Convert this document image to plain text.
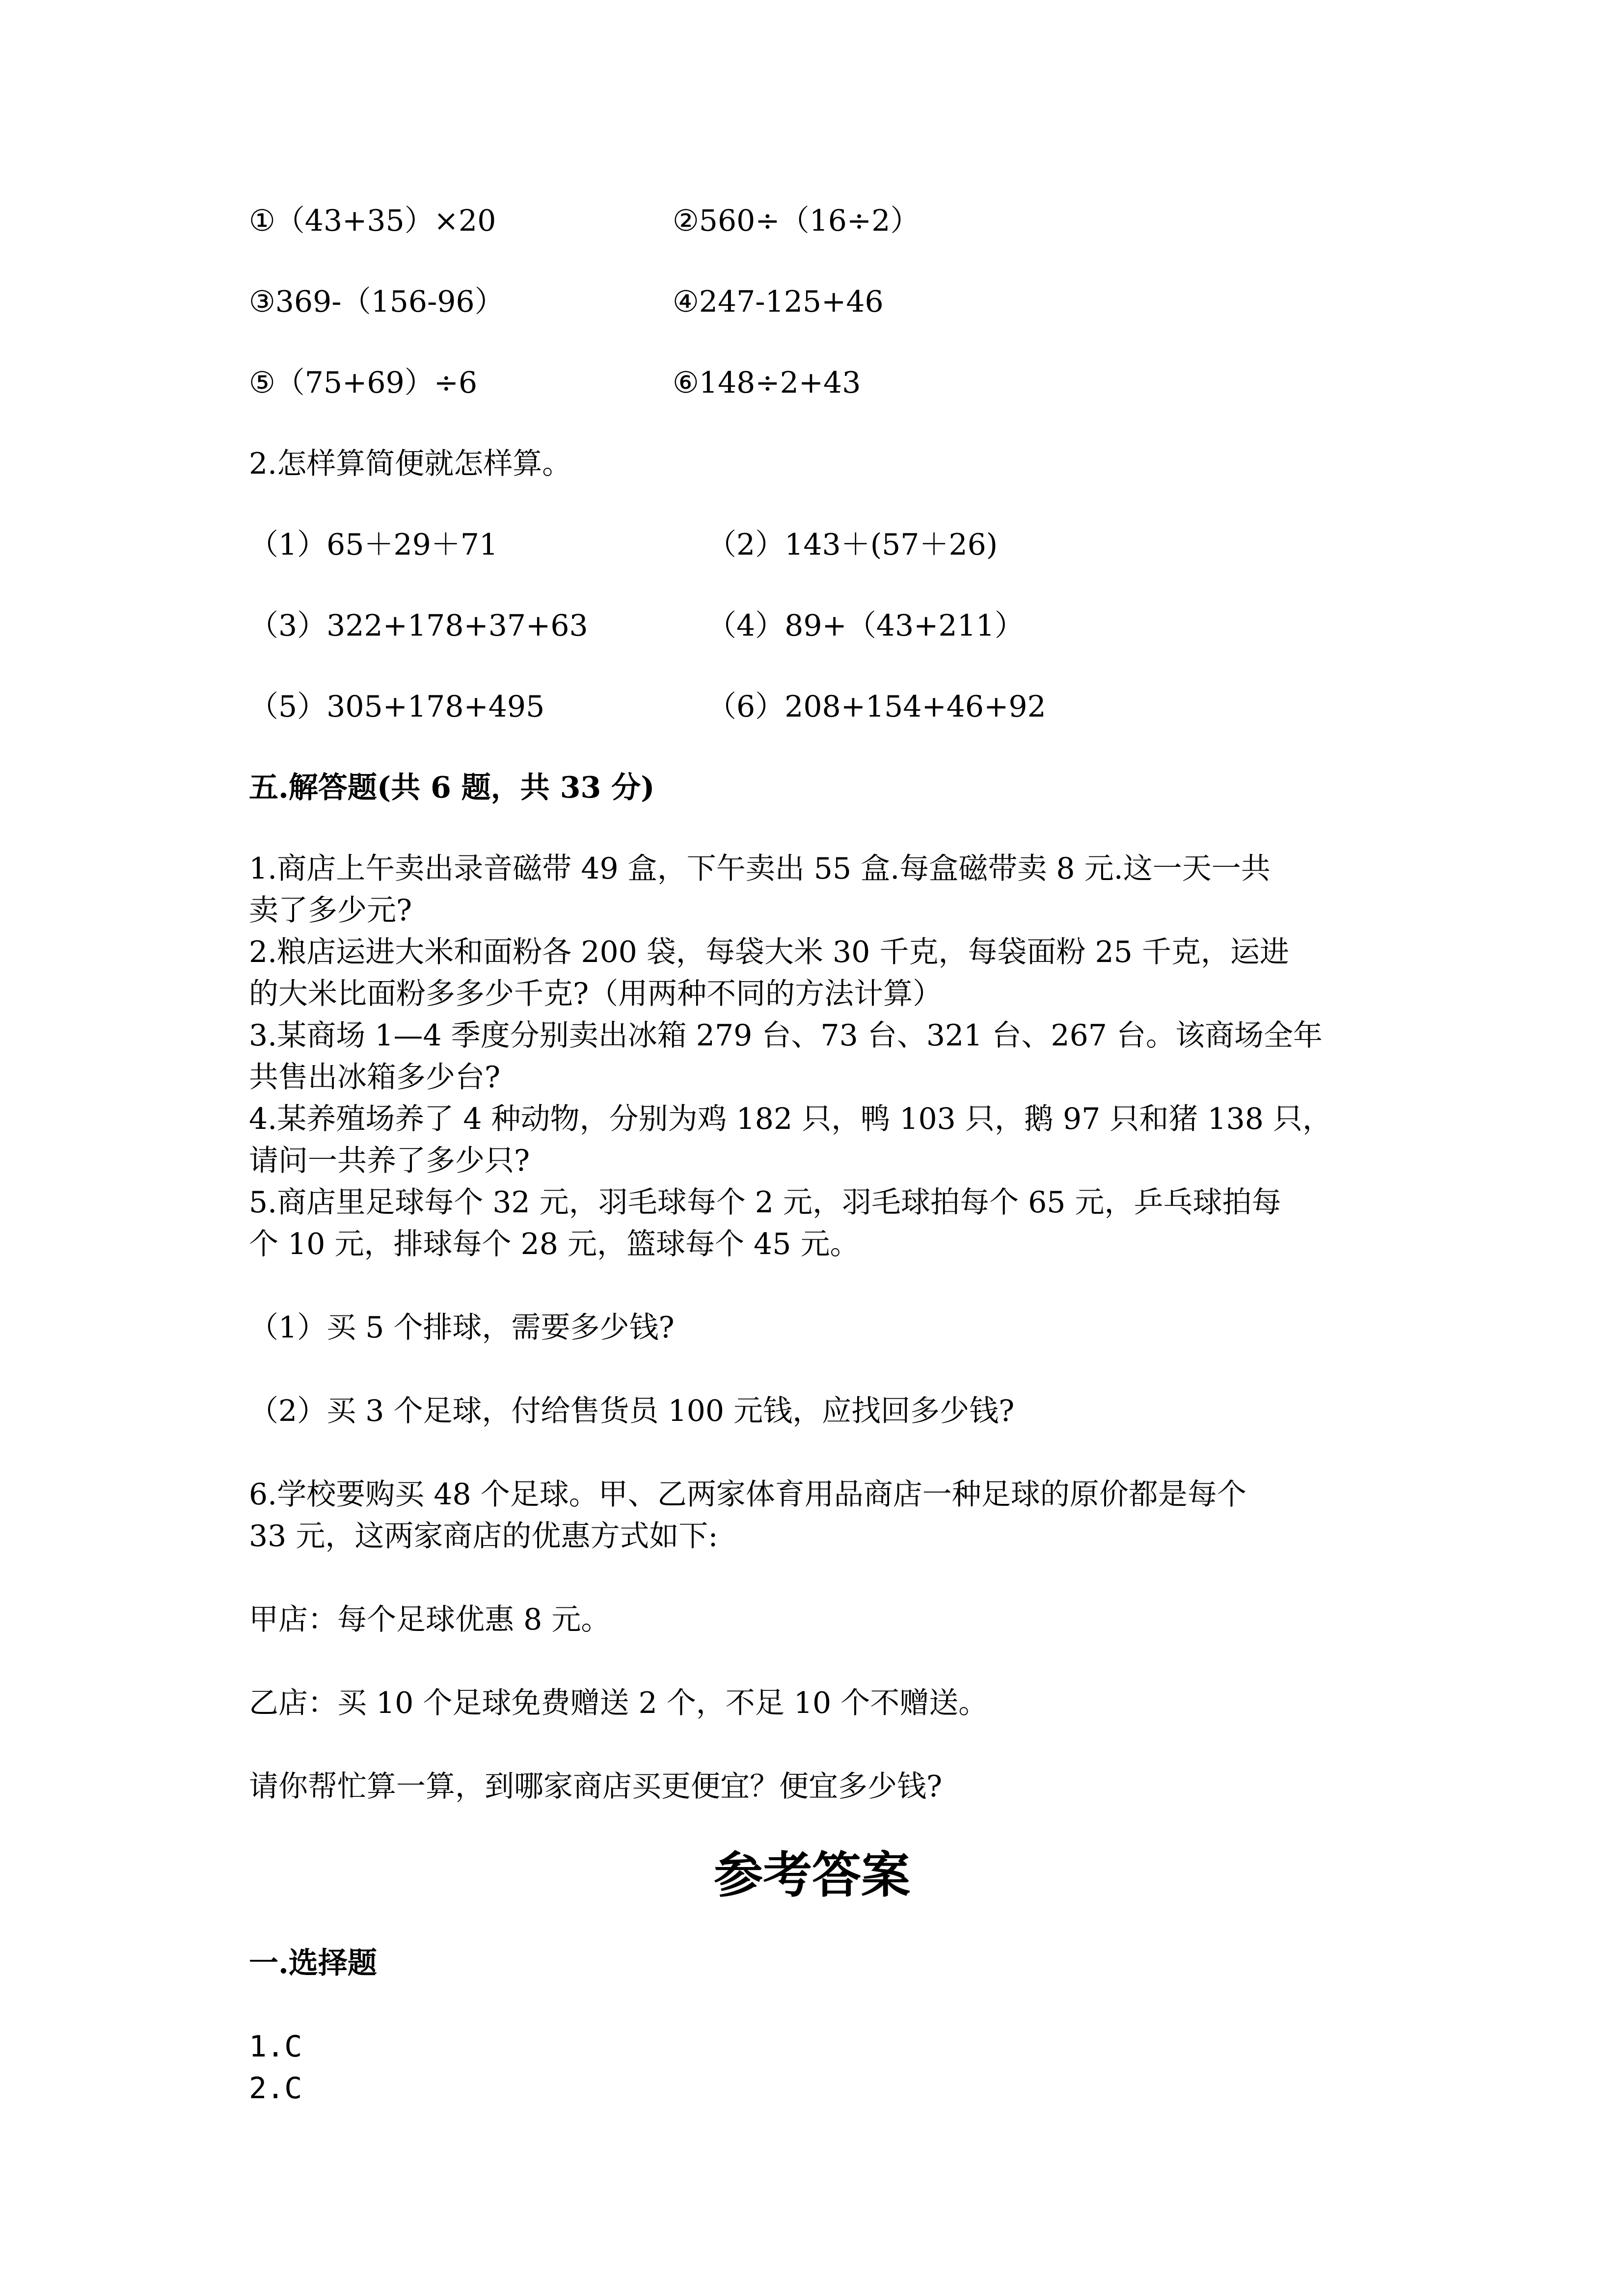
①（43+35）×20	②560÷（16÷2）

③369-（156-96）	④247-125+46

⑤（75+69）÷6	⑥148÷2+43

2.怎样算简便就怎样算。

（1）65＋29＋71	（2）143＋(57＋26)

（3）322+178+37+63	（4）89+（43+211）

（5）305+178+495	（6）208+154+46+92

五.解答题(共 6 题，共 33 分)

1.商店上午卖出录音磁带 49 盒，下午卖出 55 盒.每盒磁带卖 8 元.这一天一共

卖了多少元?

2.粮店运进大米和面粉各 200 袋，每袋大米 30 千克，每袋面粉 25 千克，运进

的大米比面粉多多少千克?（用两种不同的方法计算）

3.某商场 1—4 季度分别卖出冰箱 279 台、73 台、321 台、267 台。该商场全年

共售出冰箱多少台?

4.某养殖场养了 4 种动物，分别为鸡 182 只，鸭 103 只，鹅 97 只和猪 138 只，

请问一共养了多少只?

5.商店里足球每个 32 元，羽毛球每个 2 元，羽毛球拍每个 65 元，乒乓球拍每

个 10 元，排球每个 28 元，篮球每个 45 元。

（1）买 5 个排球，需要多少钱?

（2）买 3 个足球，付给售货员 100 元钱，应找回多少钱?

6.学校要购买 48 个足球。甲、乙两家体育用品商店一种足球的原价都是每个

33 元，这两家商店的优惠方式如下:

甲店：每个足球优惠 8 元。

乙店：买 10 个足球免费赠送 2 个，不足 10 个不赠送。

请你帮忙算一算，到哪家商店买更便宜？便宜多少钱?

参考答案

一.选择题

1.C

2.C
